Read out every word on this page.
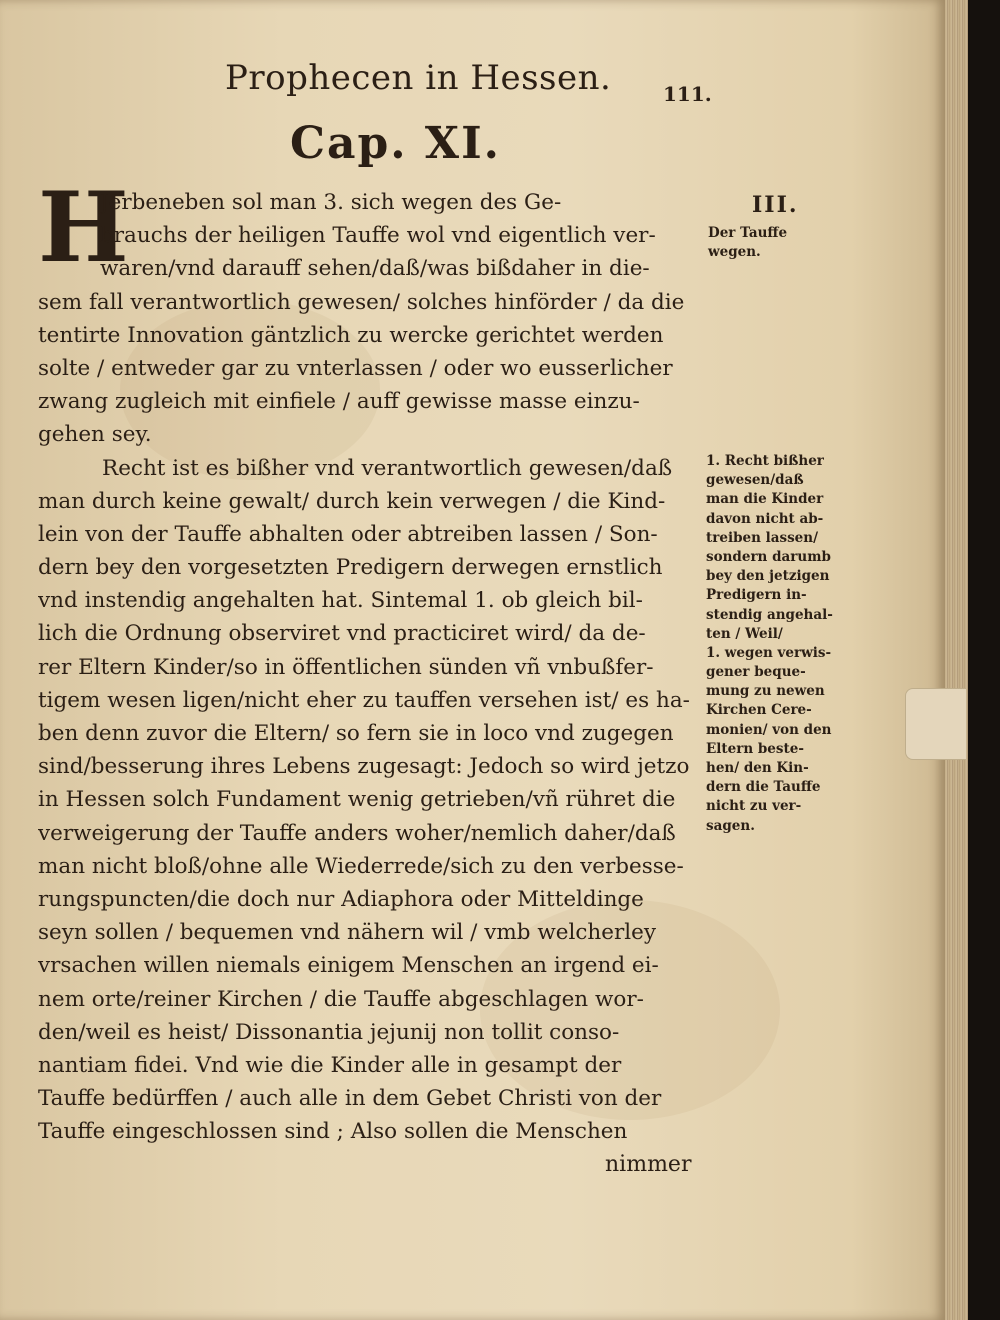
Prophecen in Hessen.	111.
Cap. XI.
H
Jerbeneben sol man 3. sich wegen des Ge-
brauchs der heiligen Tauffe wol vnd eigentlich ver-
waren/vnd darauff sehen/daß/was bißdaher in die-
sem fall verantwortlich gewesen/ solches hinförder / da die
tentirte Innovation gäntzlich zu wercke gerichtet werden
solte / entweder gar zu vnterlassen / oder wo eusserlicher
zwang zugleich mit einfiele / auff gewisse masse einzu-
gehen sey.
Recht ist es bißher vnd verantwortlich gewesen/daß
man durch keine gewalt/ durch kein verwegen / die Kind-
lein von der Tauffe abhalten oder abtreiben lassen / Son-
dern bey den vorgesetzten Predigern derwegen ernstlich
vnd instendig angehalten hat. Sintemal 1. ob gleich bil-
lich die Ordnung observiret vnd practiciret wird/ da de-
rer Eltern Kinder/so in öffentlichen sünden vñ vnbußfer-
tigem wesen ligen/nicht eher zu tauffen versehen ist/ es ha-
ben denn zuvor die Eltern/ so fern sie in loco vnd zugegen
sind/besserung ihres Lebens zugesagt: Jedoch so wird jetzo
in Hessen solch Fundament wenig getrieben/vñ rühret die
verweigerung der Tauffe anders woher/nemlich daher/daß
man nicht bloß/ohne alle Wiederrede/sich zu den verbesse-
rungspuncten/die doch nur Adiaphora oder Mitteldinge
seyn sollen / bequemen vnd nähern wil / vmb welcherley
vrsachen willen niemals einigem Menschen an irgend ei-
nem orte/reiner Kirchen / die Tauffe abgeschlagen wor-
den/weil es heist/ Dissonantia jejunij non tollit conso-
nantiam fidei. Vnd wie die Kinder alle in gesampt der
Tauffe bedürffen / auch alle in dem Gebet Christi von der
Tauffe eingeschlossen sind ; Also sollen die Menschen
III.
Der Tauffe
wegen.
1. Recht bißher
gewesen/daß
man die Kinder
davon nicht ab-
treiben lassen/
sondern darumb
bey den jetzigen
Predigern in-
stendig angehal-
ten / Weil/
1. wegen verwis-
gener beque-
mung zu newen
Kirchen Cere-
monien/ von den
Eltern beste-
hen/ den Kin-
dern die Tauffe
nicht zu ver-
sagen.
nimmer
